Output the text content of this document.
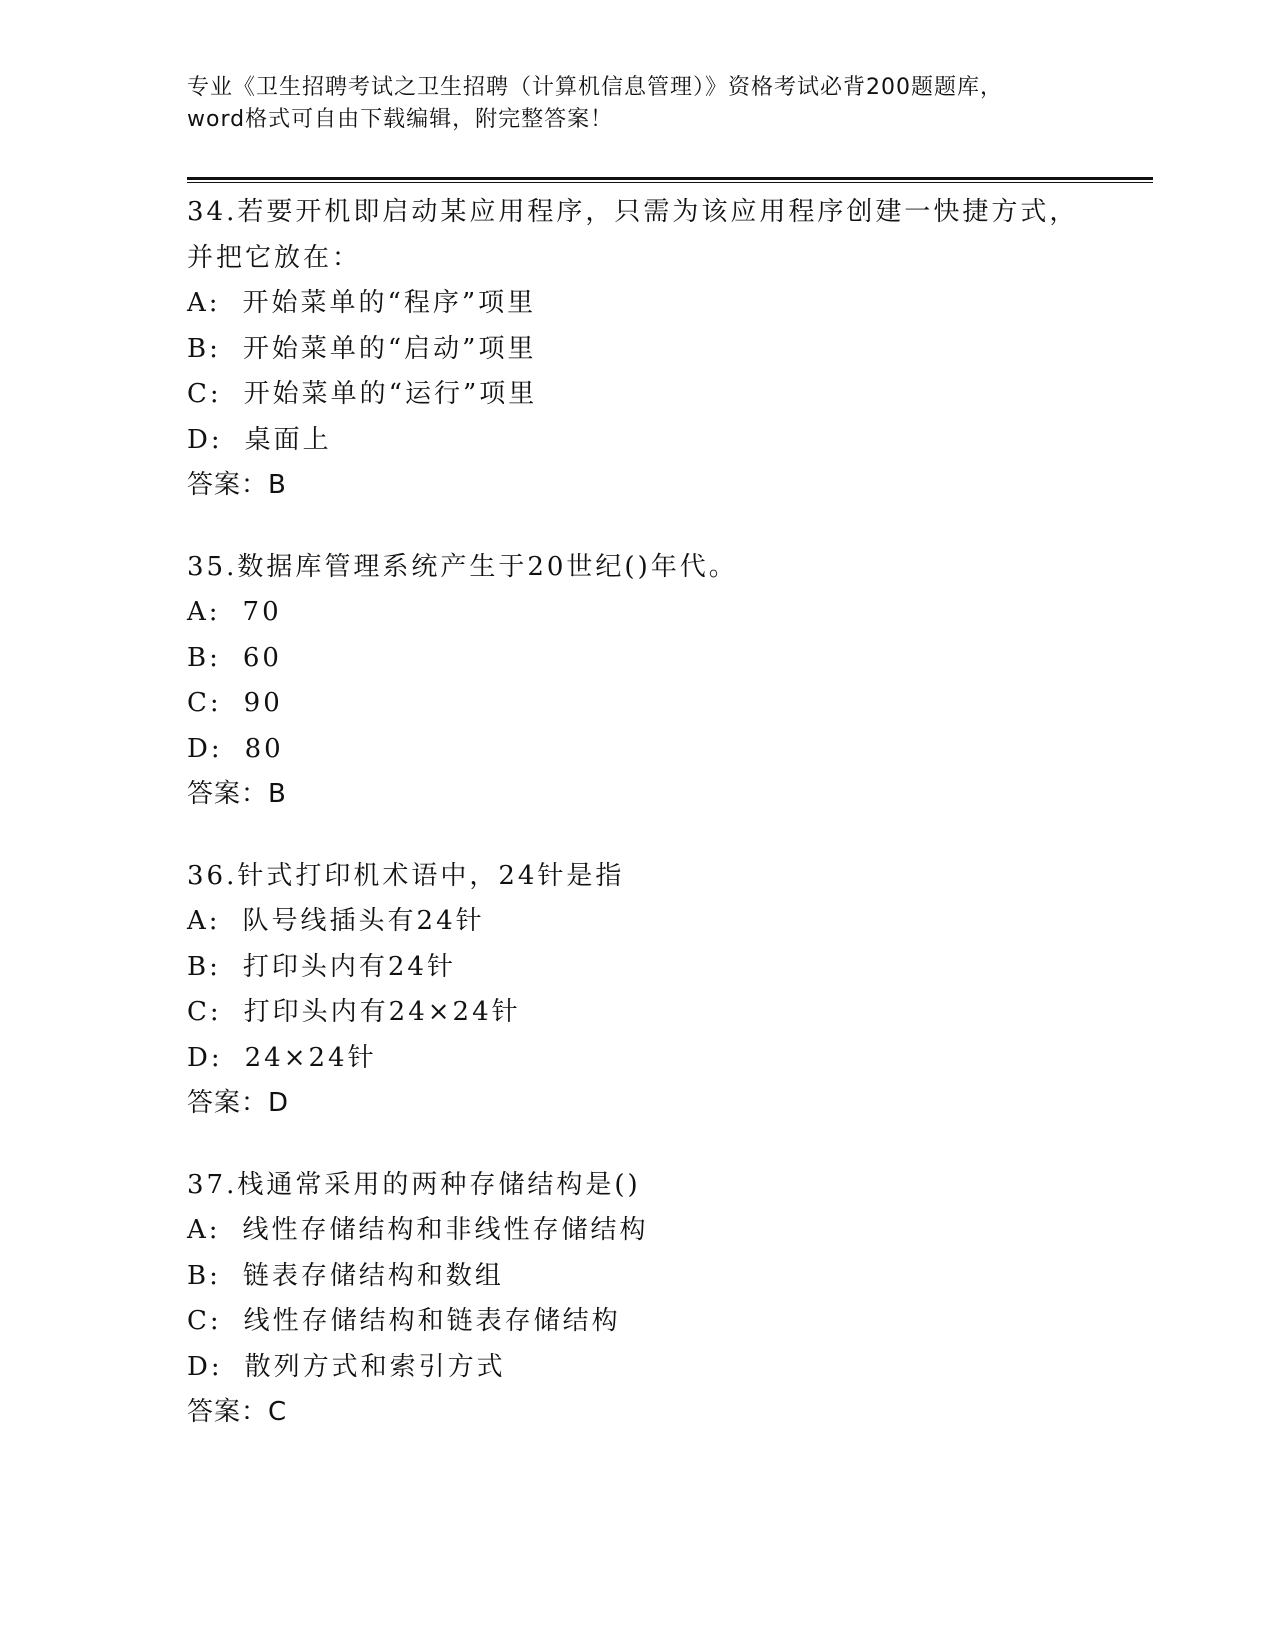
专业《卫生招聘考试之卫生招聘（计算机信息管理）》资格考试必背200题题库，
word格式可自由下载编辑，附完整答案！
34.若要开机即启动某应用程序，只需为该应用程序创建一快捷方式，
并把它放在：
A: 开始菜单的“程序”项里
B: 开始菜单的“启动”项里
C: 开始菜单的“运行”项里
D: 桌面上
答案：B
35.数据库管理系统产生于20世纪()年代。
A: 70
B: 60
C: 90
D: 80
答案：B
36.针式打印机术语中，24针是指
A: 队号线插头有24针
B: 打印头内有24针
C: 打印头内有24×24针
D: 24×24针
答案：D
37.栈通常采用的两种存储结构是()
A: 线性存储结构和非线性存储结构
B: 链表存储结构和数组
C: 线性存储结构和链表存储结构
D: 散列方式和索引方式
答案：C
